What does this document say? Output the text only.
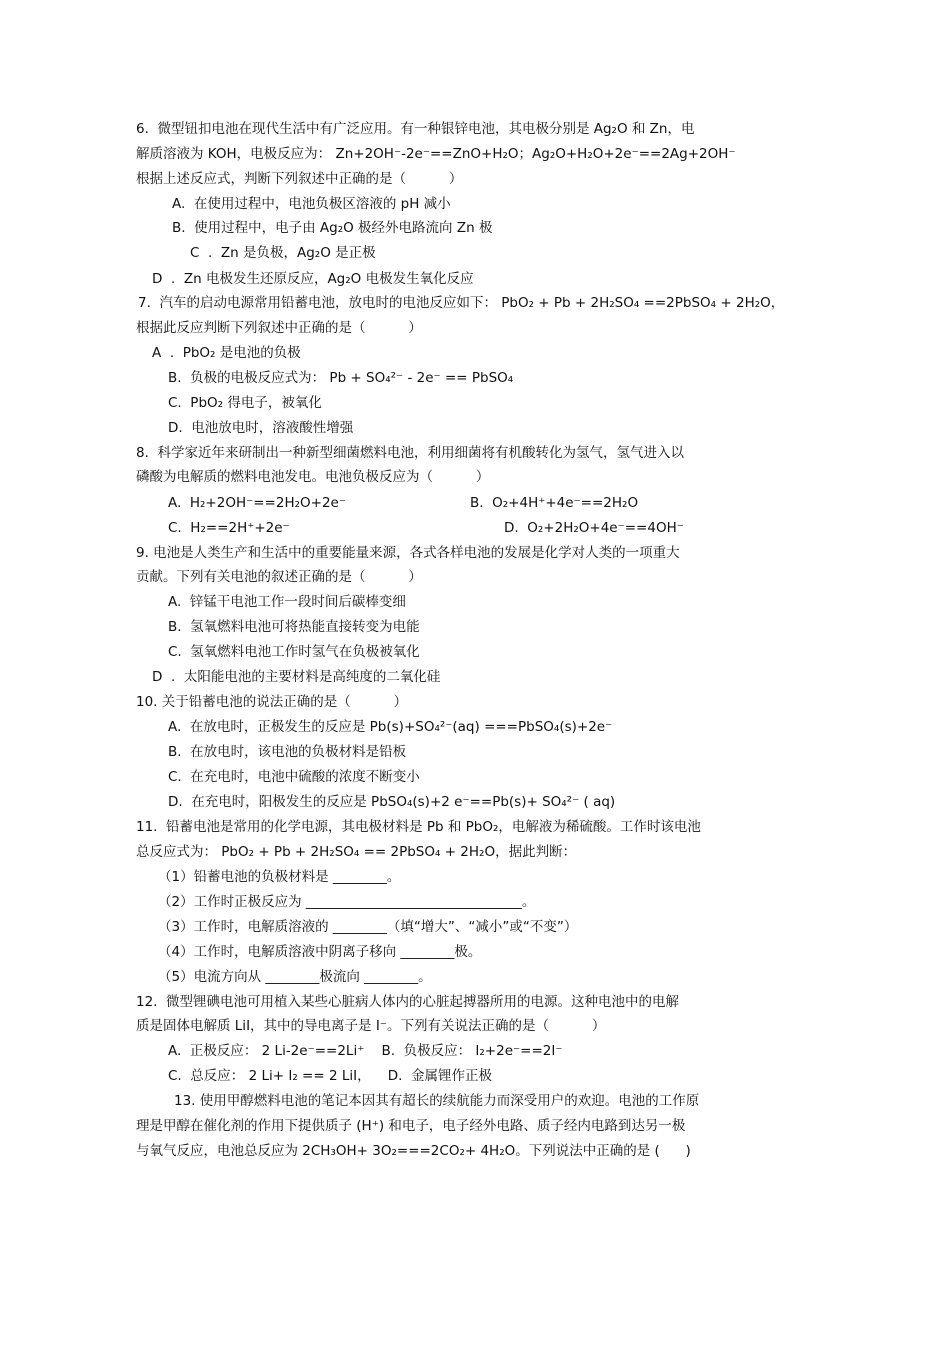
6.  微型钮扣电池在现代生活中有广泛应用。有一种银锌电池，其电极分别是 Ag₂O 和 Zn，电
解质溶液为 KOH，电极反应为： Zn+2OH⁻-2e⁻==ZnO+H₂O；Ag₂O+H₂O+2e⁻==2Ag+2OH⁻
根据上述反应式，判断下列叙述中正确的是（          ）
A.  在使用过程中，电池负极区溶液的 pH 减小
B.  使用过程中，电子由 Ag₂O 极经外电路流向 Zn 极
C  .  Zn 是负极，Ag₂O 是正极
D  .  Zn 电极发生还原反应，Ag₂O 电极发生氧化反应
7.  汽车的启动电源常用铅蓄电池，放电时的电池反应如下： PbO₂ + Pb + 2H₂SO₄ ==2PbSO₄ + 2H₂O，
根据此反应判断下列叙述中正确的是（          ）
A  .  PbO₂ 是电池的负极
B.  负极的电极反应式为： Pb + SO₄²⁻ - 2e⁻ == PbSO₄
C.  PbO₂ 得电子，被氧化
D.  电池放电时，溶液酸性增强
8.  科学家近年来研制出一种新型细菌燃料电池，利用细菌将有机酸转化为氢气，氢气进入以
磷酸为电解质的燃料电池发电。电池负极反应为（          ）
A.  H₂+2OH⁻==2H₂O+2e⁻	B.  O₂+4H⁺+4e⁻==2H₂O
C.  H₂==2H⁺+2e⁻	D.  O₂+2H₂O+4e⁻==4OH⁻
9. 电池是人类生产和生活中的重要能量来源，各式各样电池的发展是化学对人类的一项重大
贡献。下列有关电池的叙述正确的是（          ）
A.  锌锰干电池工作一段时间后碳棒变细
B.  氢氧燃料电池可将热能直接转变为电能
C.  氢氧燃料电池工作时氢气在负极被氧化
D  .  太阳能电池的主要材料是高纯度的二氧化硅
10. 关于铅蓄电池的说法正确的是（          ）
A.  在放电时，正极发生的反应是 Pb(s)+SO₄²⁻(aq) ===PbSO₄(s)+2e⁻
B.  在放电时，该电池的负极材料是铅板
C.  在充电时，电池中硫酸的浓度不断变小
D.  在充电时，阳极发生的反应是 PbSO₄(s)+2 e⁻==Pb(s)+ SO₄²⁻ ( aq)
11.  铅蓄电池是常用的化学电源，其电极材料是 Pb 和 PbO₂，电解液为稀硫酸。工作时该电池
总反应式为： PbO₂ + Pb + 2H₂SO₄ == 2PbSO₄ + 2H₂O，据此判断：
（1）铅蓄电池的负极材料是 ________。
（2）工作时正极反应为 ________________________________。
（3）工作时，电解质溶液的 ________（填“增大”、“减小”或“不变”）
（4）工作时，电解质溶液中阴离子移向 ________极。
（5）电流方向从 ________极流向 ________。
12.  微型锂碘电池可用植入某些心脏病人体内的心脏起搏器所用的电源。这种电池中的电解
质是固体电解质 LiI，其中的导电离子是 I⁻。下列有关说法正确的是（          ）
A.  正极反应： 2 Li-2e⁻==2Li⁺    B.  负极反应： I₂+2e⁻==2I⁻
C.  总反应： 2 Li+ I₂ == 2 LiI，    D.  金属锂作正极
13. 使用甲醇燃料电池的笔记本因其有超长的续航能力而深受用户的欢迎。电池的工作原
理是甲醇在催化剂的作用下提供质子 (H⁺) 和电子，电子经外电路、质子经内电路到达另一极
与氧气反应，电池总反应为 2CH₃OH+ 3O₂===2CO₂+ 4H₂O。下列说法中正确的是 (      )
